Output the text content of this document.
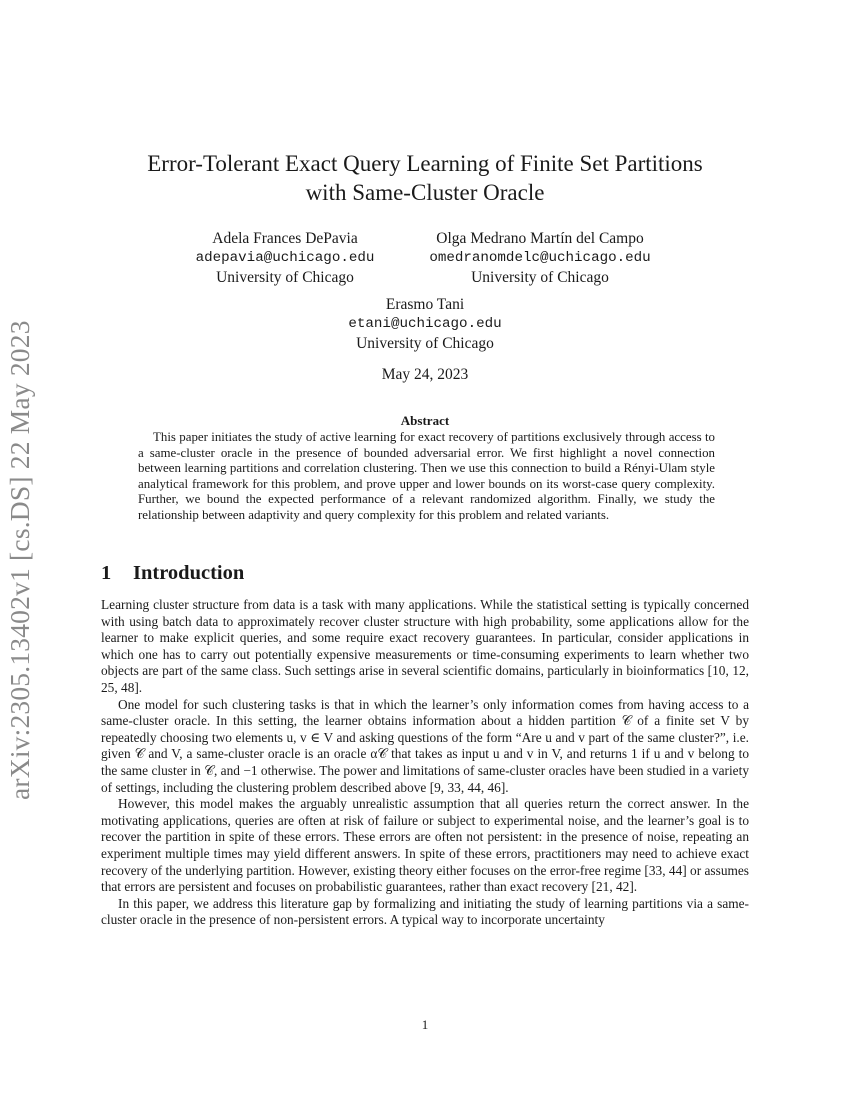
arXiv:2305.13402v1 [cs.DS] 22 May 2023
Error-Tolerant Exact Query Learning of Finite Set Partitions
with Same-Cluster Oracle
Adela Frances DePavia
adepavia@uchicago.edu
University of Chicago
Olga Medrano Martín del Campo
omedranomdelc@uchicago.edu
University of Chicago
Erasmo Tani
etani@uchicago.edu
University of Chicago
May 24, 2023
Abstract
This paper initiates the study of active learning for exact recovery of partitions exclusively through access to a same-cluster oracle in the presence of bounded adversarial error. We first highlight a novel connection between learning partitions and correlation clustering. Then we use this connection to build a Rényi-Ulam style analytical framework for this problem, and prove upper and lower bounds on its worst-case query complexity. Further, we bound the expected performance of a relevant randomized algorithm. Finally, we study the relationship between adaptivity and query complexity for this problem and related variants.
1 Introduction

Learning cluster structure from data is a task with many applications. While the statistical setting is typically concerned with using batch data to approximately recover cluster structure with high probability, some applications allow for the learner to make explicit queries, and some require exact recovery guarantees. In particular, consider applications in which one has to carry out potentially expensive measurements or time-consuming experiments to learn whether two objects are part of the same class. Such settings arise in several scientific domains, particularly in bioinformatics [10, 12, 25, 48].

One model for such clustering tasks is that in which the learner’s only information comes from having access to a same-cluster oracle. In this setting, the learner obtains information about a hidden partition 𝒞 of a finite set V by repeatedly choosing two elements u, v ∈ V and asking questions of the form “Are u and v part of the same cluster?”, i.e. given 𝒞 and V, a same-cluster oracle is an oracle α𝒞 that takes as input u and v in V, and returns 1 if u and v belong to the same cluster in 𝒞, and −1 otherwise. The power and limitations of same-cluster oracles have been studied in a variety of settings, including the clustering problem described above [9, 33, 44, 46].

However, this model makes the arguably unrealistic assumption that all queries return the correct answer. In the motivating applications, queries are often at risk of failure or subject to experimental noise, and the learner’s goal is to recover the partition in spite of these errors. These errors are often not persistent: in the presence of noise, repeating an experiment multiple times may yield different answers. In spite of these errors, practitioners may need to achieve exact recovery of the underlying partition. However, existing theory either focuses on the error-free regime [33, 44] or assumes that errors are persistent and focuses on probabilistic guarantees, rather than exact recovery [21, 42].

In this paper, we address this literature gap by formalizing and initiating the study of learning partitions via a same-cluster oracle in the presence of non-persistent errors. A typical way to incorporate uncertainty

1
